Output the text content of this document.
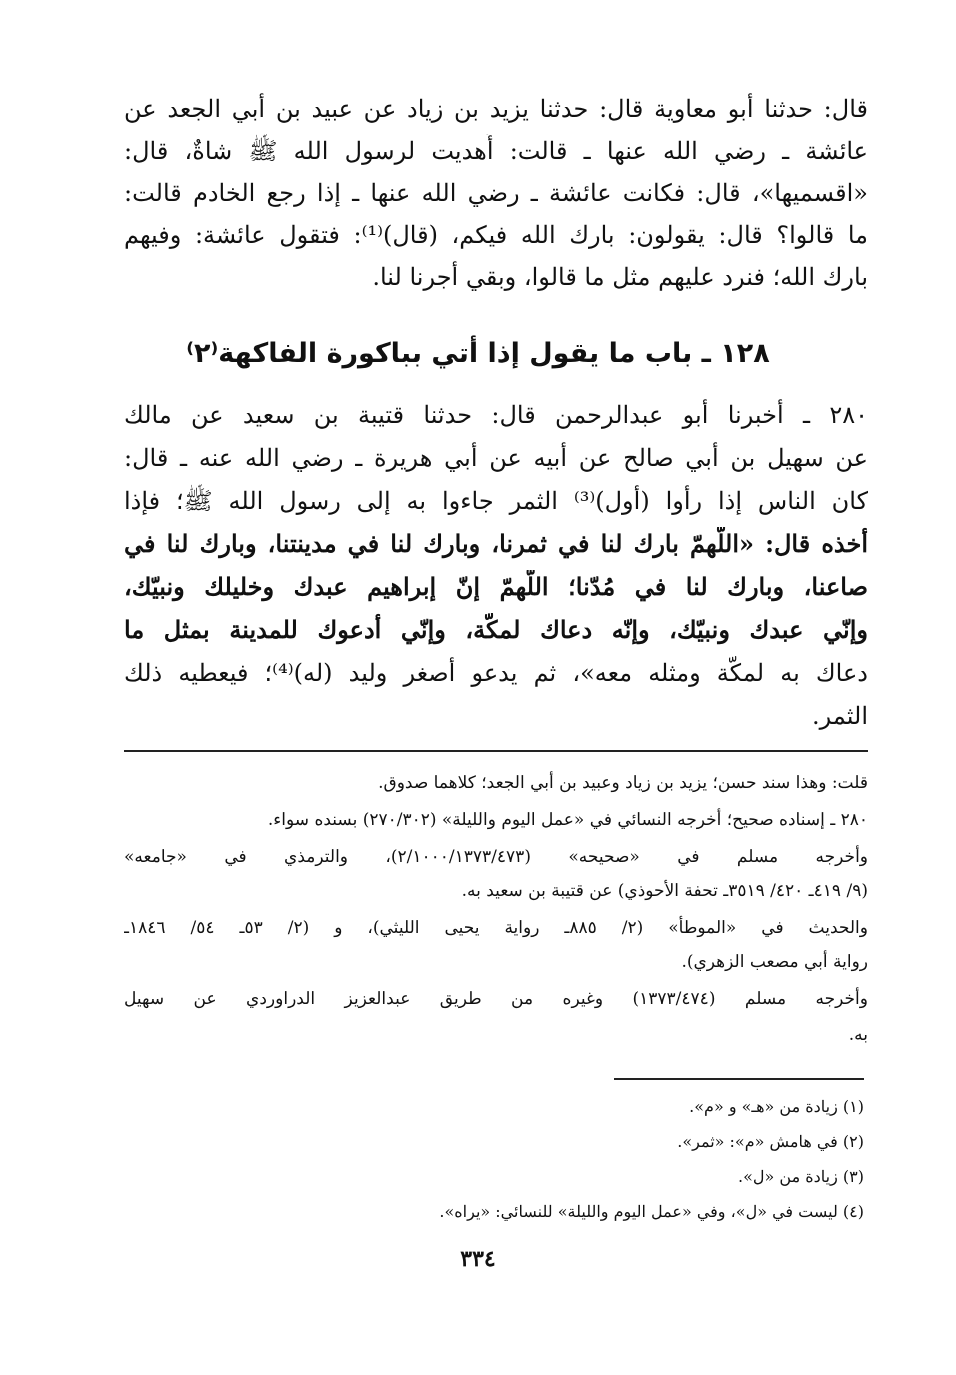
قال: حدثنا أبو معاوية قال: حدثنا يزيد بن زياد عن عبيد بن أبي الجعد عن
عائشة ـ رضي الله عنها ـ قالت: أُهديت لرسول الله ﷺ شاةٌ، قال:
«اقسميها»، قال: فكانت عائشة ـ رضي الله عنها ـ إذا رجع الخادم قالت:
ما قالوا؟ قال: يقولون: بارك الله فيكم، (قال)⁽¹⁾: فتقول عائشة: وفيهم
بارك الله؛ فنرد عليهم مثل ما قالوا، وبقي أجرنا لنا.
١٢٨ ـ باب ما يقول إذا أتي بباكورة الفاكهة⁽٢⁾
٢٨٠ ـ أخبرنا أبو عبدالرحمن قال: حدثنا قتيبة بن سعيد عن مالك
عن سهيل بن أبي صالح عن أبيه عن أبي هريرة ـ رضي الله عنه ـ قال:
كان الناس إذا رأوا (أول)⁽³⁾ الثمر جاءوا به إلى رسول الله ﷺ؛ فإذا
أخذه قال: «اللّهمّ بارك لنا في ثمرنا، وبارك لنا في مدينتنا، وبارك لنا في
صاعنا، وبارك لنا في مُدّنا؛ اللّهمّ إنّ إبراهيم عبدك وخليلك ونبيّك،
وإنّي عبدك ونبيّك، وإنّه دعاك لمكّة، وإنّي أدعوك للمدينة بمثل ما
دعاك به لمكّة ومثله معه»، ثم يدعو أصغر وليد (له)⁽⁴⁾؛ فيعطيه ذلك
الثمر.
قلت: وهذا سند حسن؛ يزيد بن زياد وعبيد بن أبي الجعد؛ كلاهما صدوق.
٢٨٠ ـ إسناده صحيح؛ أخرجه النسائي في «عمل اليوم والليلة» (٢٧٠/٣٠٢) بسنده سواء.
وأخرجه مسلم في «صحيحه» (٢/١٠٠٠/١٣٧٣/٤٧٣)، والترمذي في «جامعه»
(٩/ ٤١٩ـ ٤٢٠/ ٣٥١٩ـ تحفة الأحوذي) عن قتيبة بن سعيد به.
والحديث في «الموطأ» (٢/ ٨٨٥ـ رواية يحيى الليثي)، و (٢/ ٥٣ـ ٥٤/ ١٨٤٦ـ
رواية أبي مصعب الزهري).
وأخرجه مسلم (١٣٧٣/٤٧٤) وغيره من طريق عبدالعزيز الدراوردي عن سهيل
به.
(١) زيادة من «هـ» و «م».
(٢) في هامش «م»: «ثمر».
(٣) زيادة من «ل».
(٤) ليست في «ل»، وفي «عمل اليوم والليلة» للنسائي: «يراه».
٣٣٤
